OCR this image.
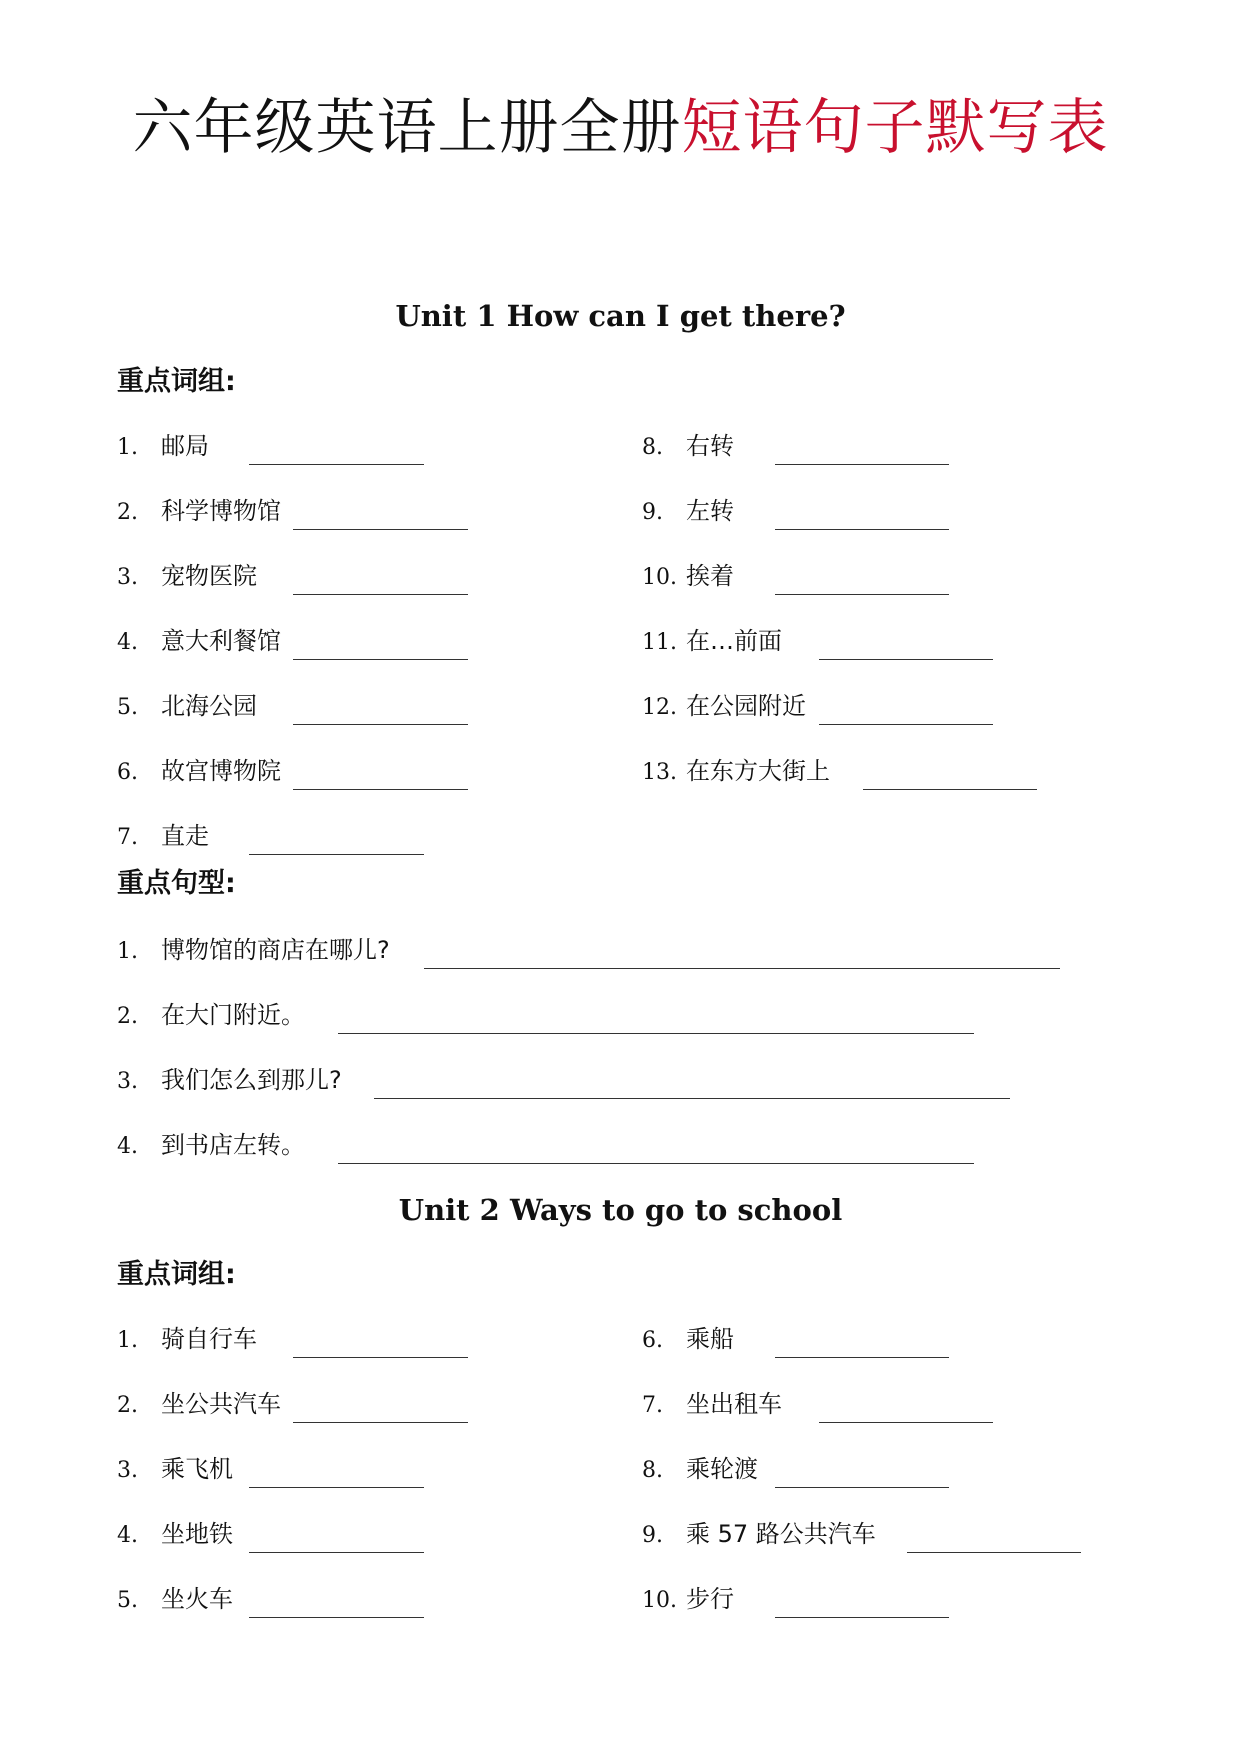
六年级英语上册全册短语句子默写表
Unit 1 How can I get there?
重点词组:
1. 邮局
2. 科学博物馆
3. 宠物医院
4. 意大利餐馆
5. 北海公园
6. 故宫博物院
7. 直走
8. 右转
9. 左转
10. 挨着
11. 在…前面
12. 在公园附近
13. 在东方大街上
重点句型:
1. 博物馆的商店在哪儿?
2. 在大门附近。
3. 我们怎么到那儿?
4. 到书店左转。
Unit 2 Ways to go to school
重点词组:
1. 骑自行车
2. 坐公共汽车
3. 乘飞机
4. 坐地铁
5. 坐火车
6. 乘船
7. 坐出租车
8. 乘轮渡
9. 乘 57 路公共汽车
10. 步行
